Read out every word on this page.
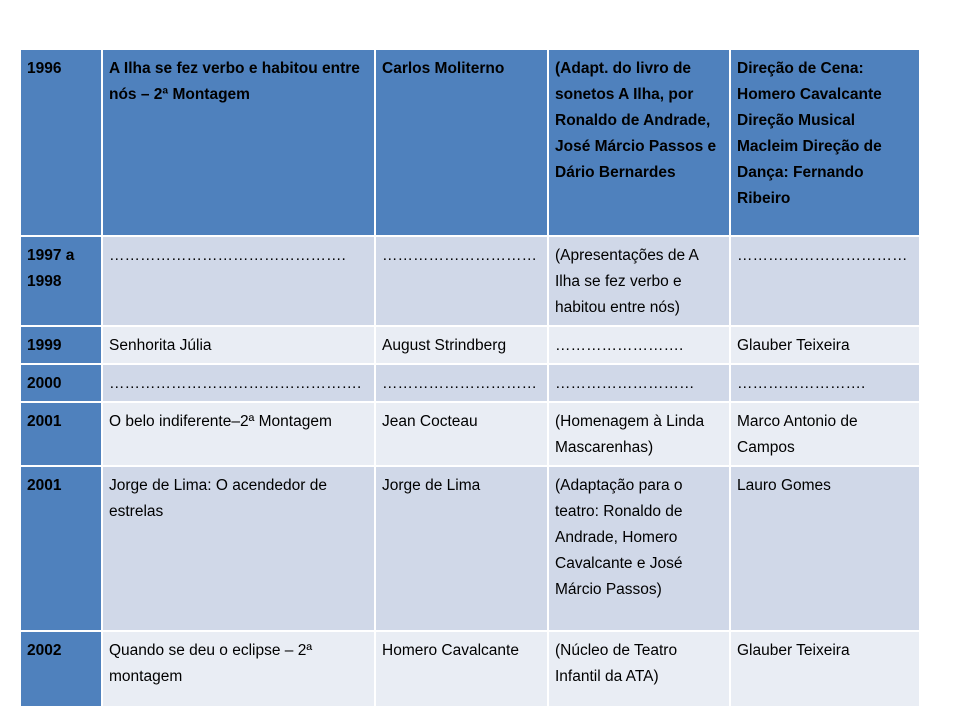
1996	A Ilha se fez verbo e habitou entre nós – 2ª Montagem	Carlos Moliterno	(Adapt. do livro de sonetos A Ilha, por Ronaldo de Andrade, José Márcio Passos e Dário Bernardes	Direção de Cena: Homero Cavalcante Direção Musical Macleim Direção de Dança: Fernando Ribeiro
1997 a 1998	……………………………………….	…………………………	(Apresentações de A Ilha se fez verbo e habitou entre nós)	……………………………
1999	Senhorita Júlia	August Strindberg	…………………….	Glauber Teixeira
2000	………………………………………….	…………………………	………………………	…………………….
2001	O belo indiferente–2ª Montagem	Jean Cocteau	(Homenagem à Linda Mascarenhas)	Marco Antonio de Campos
2001	Jorge de Lima: O acendedor de estrelas	Jorge de Lima	(Adaptação para o teatro: Ronaldo de Andrade, Homero Cavalcante e José Márcio Passos)	Lauro Gomes
2002	Quando se deu o eclipse – 2ª montagem	Homero Cavalcante	(Núcleo de Teatro Infantil da ATA)	Glauber Teixeira
